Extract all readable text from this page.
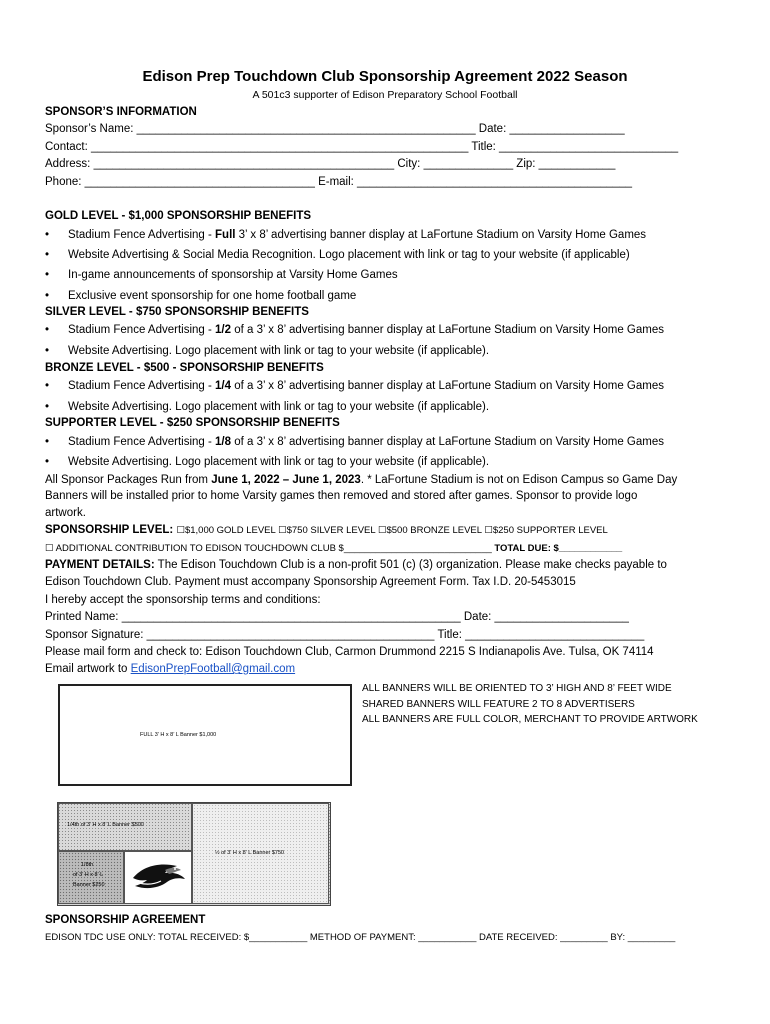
Edison Prep Touchdown Club Sponsorship Agreement 2022 Season
A 501c3 supporter of Edison Preparatory School Football
SPONSOR’S INFORMATION
Sponsor’s Name: _____________________________________________________ Date: __________________
Contact: ___________________________________________________________ Title: ____________________________
Address: _______________________________________________ City: ______________ Zip: ____________
Phone: ____________________________________ E-mail: ___________________________________________
GOLD LEVEL - $1,000 SPONSORSHIP BENEFITS
• Stadium Fence Advertising - Full 3’ x 8’ advertising banner display at LaFortune Stadium on Varsity Home Games
• Website Advertising & Social Media Recognition. Logo placement with link or tag to your website (if applicable)
• In-game announcements of sponsorship at Varsity Home Games
• Exclusive event sponsorship for one home football game
SILVER LEVEL - $750 SPONSORSHIP BENEFITS
• Stadium Fence Advertising - 1/2 of a 3’ x 8’ advertising banner display at LaFortune Stadium on Varsity Home Games
• Website Advertising. Logo placement with link or tag to your website (if applicable).
BRONZE LEVEL - $500 - SPONSORSHIP BENEFITS
• Stadium Fence Advertising - 1/4 of a 3’ x 8’ advertising banner display at LaFortune Stadium on Varsity Home Games
• Website Advertising. Logo placement with link or tag to your website (if applicable).
SUPPORTER LEVEL - $250 SPONSORSHIP BENEFITS
• Stadium Fence Advertising - 1/8 of a 3’ x 8’ advertising banner display at LaFortune Stadium on Varsity Home Games
• Website Advertising. Logo placement with link or tag to your website (if applicable).
All Sponsor Packages Run from June 1, 2022 – June 1, 2023. * LaFortune Stadium is not on Edison Campus so Game Day
Banners will be installed prior to home Varsity games then removed and stored after games. Sponsor to provide logo
artwork.
SPONSORSHIP LEVEL: ☐$1,000 GOLD LEVEL ☐$750 SILVER LEVEL ☐$500 BRONZE LEVEL ☐$250 SUPPORTER LEVEL
☐ ADDITIONAL CONTRIBUTION TO EDISON TOUCHDOWN CLUB $____________________________ TOTAL DUE: $____________
PAYMENT DETAILS: The Edison Touchdown Club is a non-profit 501 (c) (3) organization. Please make checks payable to
Edison Touchdown Club. Payment must accompany Sponsorship Agreement Form. Tax I.D. 20-5453015
I hereby accept the sponsorship terms and conditions:
Printed Name: _____________________________________________________ Date: _____________________
Sponsor Signature: _____________________________________________ Title: ____________________________
Please mail form and check to: Edison Touchdown Club, Carmon Drummond 2215 S Indianapolis Ave. Tulsa, OK 74114
Email artwork to EdisonPrepFootball@gmail.com
ALL BANNERS WILL BE ORIENTED TO 3’ HIGH AND 8’ FEET WIDE
SHARED BANNERS WILL FEATURE 2 TO 8 ADVERTISERS
ALL BANNERS ARE FULL COLOR, MERCHANT TO PROVIDE ARTWORK
FULL 3’ H x 8’ L Banner $1,000
1/4th of 3’ H x 8’ L Banner $500
½ of 3’ H x 8’ L Banner $750
1/8th
of 3’ H x 8’ L
Banner $250
SPONSORSHIP AGREEMENT
EDISON TDC USE ONLY: TOTAL RECEIVED: $___________ METHOD OF PAYMENT: ___________ DATE RECEIVED: _________ BY: _________
